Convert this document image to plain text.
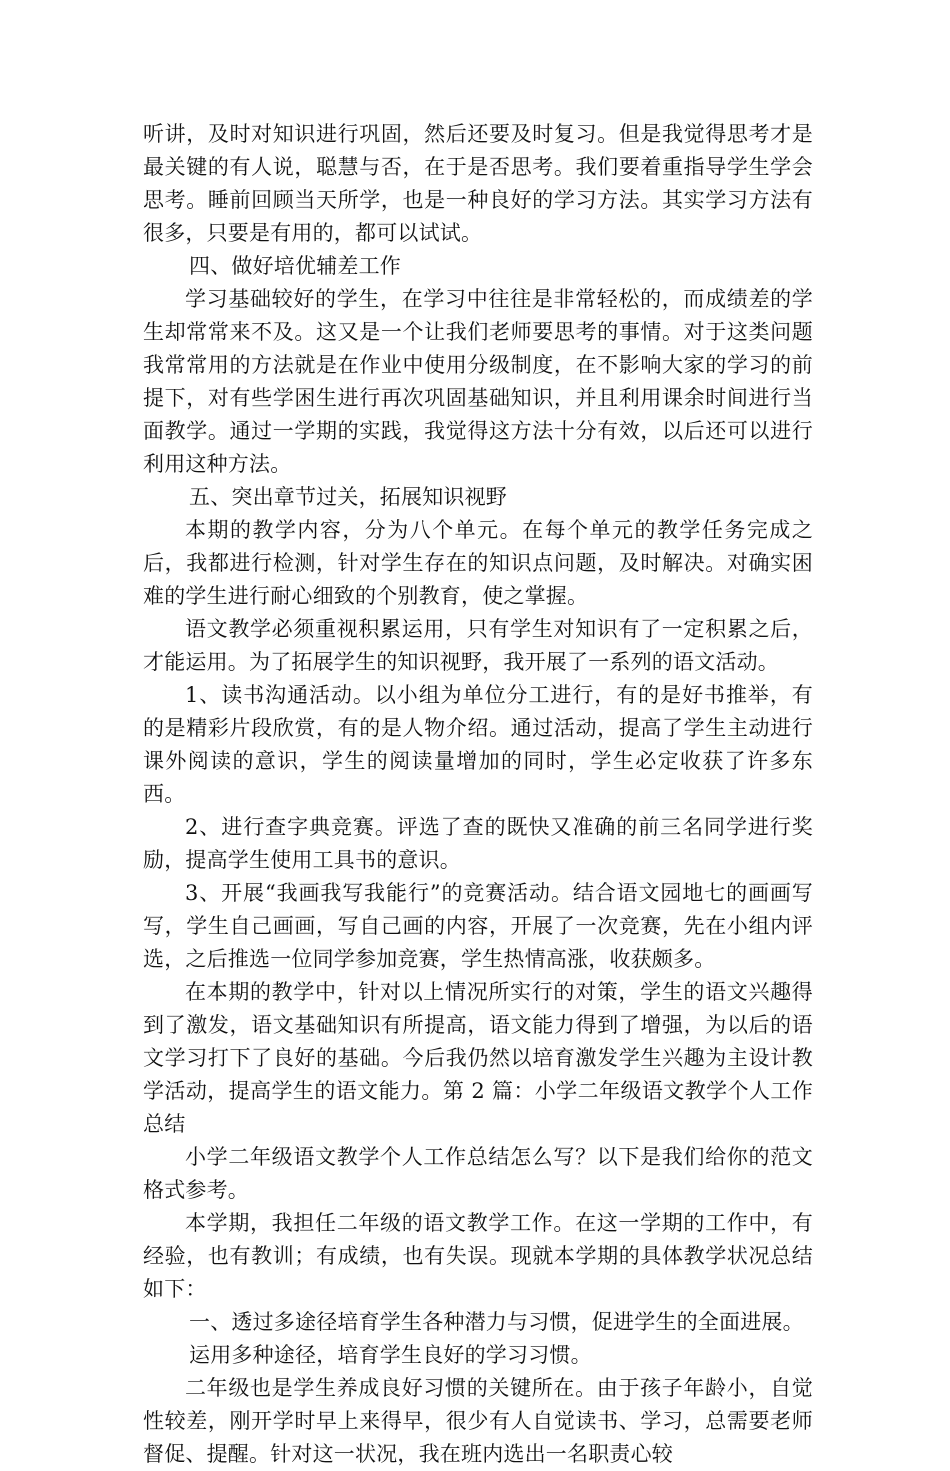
听讲，及时对知识进行巩固，然后还要及时复习。但是我觉得思考才是最关键的有人说，聪慧与否，在于是否思考。我们要着重指导学生学会思考。睡前回顾当天所学，也是一种良好的学习方法。其实学习方法有很多，只要是有用的，都可以试试。

四、做好培优辅差工作

学习基础较好的学生，在学习中往往是非常轻松的，而成绩差的学生却常常来不及。这又是一个让我们老师要思考的事情。对于这类问题我常常用的方法就是在作业中使用分级制度，在不影响大家的学习的前提下，对有些学困生进行再次巩固基础知识，并且利用课余时间进行当面教学。通过一学期的实践，我觉得这方法十分有效，以后还可以进行利用这种方法。

五、突出章节过关，拓展知识视野

本期的教学内容，分为八个单元。在每个单元的教学任务完成之后，我都进行检测，针对学生存在的知识点问题，及时解决。对确实困难的学生进行耐心细致的个别教育，使之掌握。

语文教学必须重视积累运用，只有学生对知识有了一定积累之后，才能运用。为了拓展学生的知识视野，我开展了一系列的语文活动。

1、读书沟通活动。以小组为单位分工进行，有的是好书推举，有的是精彩片段欣赏，有的是人物介绍。通过活动，提高了学生主动进行课外阅读的意识，学生的阅读量增加的同时，学生必定收获了许多东西。

2、进行查字典竞赛。评选了查的既快又准确的前三名同学进行奖励，提高学生使用工具书的意识。

3、开展“我画我写我能行”的竞赛活动。结合语文园地七的画画写写，学生自己画画，写自己画的内容，开展了一次竞赛，先在小组内评选，之后推选一位同学参加竞赛，学生热情高涨，收获颇多。

在本期的教学中，针对以上情况所实行的对策，学生的语文兴趣得到了激发，语文基础知识有所提高，语文能力得到了增强，为以后的语文学习打下了良好的基础。今后我仍然以培育激发学生兴趣为主设计教学活动，提高学生的语文能力。第 2 篇：小学二年级语文教学个人工作总结

小学二年级语文教学个人工作总结怎么写？以下是我们给你的范文格式参考。

本学期，我担任二年级的语文教学工作。在这一学期的工作中，有经验，也有教训；有成绩，也有失误。现就本学期的具体教学状况总结如下：

一、透过多途径培育学生各种潜力与习惯，促进学生的全面进展。

运用多种途径，培育学生良好的学习习惯。

二年级也是学生养成良好习惯的关键所在。由于孩子年龄小，自觉性较差，刚开学时早上来得早，很少有人自觉读书、学习，总需要老师督促、提醒。针对这一状况，我在班内选出一名职责心较
